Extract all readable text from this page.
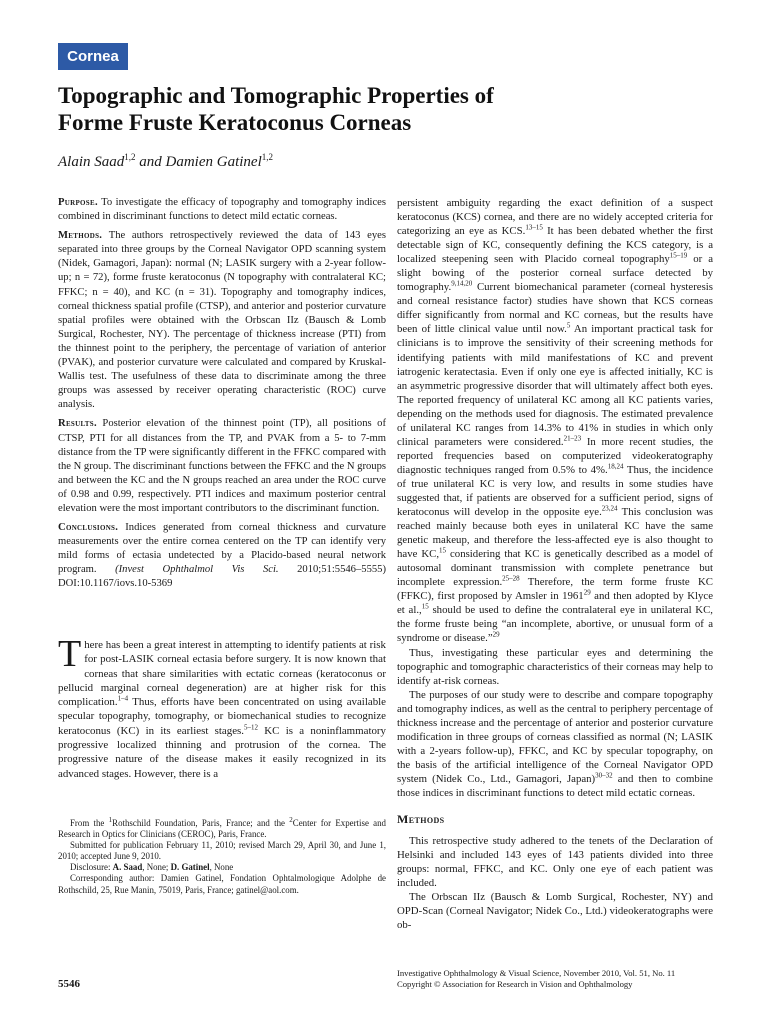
Cornea
Topographic and Tomographic Properties of
Forme Fruste Keratoconus Corneas
Alain Saad$^{1,2}$ and Damien Gatinel$^{1,2}$

Purpose. To investigate the efficacy of topography and tomography indices combined in discriminant functions to detect mild ectatic corneas.

Methods. The authors retrospectively reviewed the data of 143 eyes separated into three groups by the Corneal Navigator OPD scanning system (Nidek, Gamagori, Japan): normal (N; LASIK surgery with a 2-year follow-up; n = 72), forme fruste keratoconus (N topography with contralateral KC; FFKC; n = 40), and KC (n = 31). Topography and tomography indices, corneal thickness spatial profile (CTSP), and anterior and posterior curvature spatial profiles were obtained with the Orbscan IIz (Bausch & Lomb Surgical, Rochester, NY). The percentage of thickness increase (PTI) from the thinnest point to the periphery, the percentage of variation of anterior (PVAK), and posterior curvature were calculated and compared by Kruskal-Wallis test. The usefulness of these data to discriminate among the three groups was assessed by receiver operating characteristic (ROC) curve analysis.

Results. Posterior elevation of the thinnest point (TP), all positions of CTSP, PTI for all distances from the TP, and PVAK from a 5- to 7-mm distance from the TP were significantly different in the FFKC compared with the N group. The discriminant functions between the FFKC and the N groups and between the KC and the N groups reached an area under the ROC curve of 0.98 and 0.99, respectively. PTI indices and maximum posterior central elevation were the most important contributors to the discriminant function.

Conclusions. Indices generated from corneal thickness and curvature measurements over the entire cornea centered on the TP can identify very mild forms of ectasia undetected by a Placido-based neural network program. (Invest Ophthalmol Vis Sci. 2010;51:5546–5555) DOI:10.1167/iovs.10-5369

There has been a great interest in attempting to identify patients at risk for post-LASIK corneal ectasia before surgery. It is now known that corneas that share similarities with ectatic corneas (keratoconus or pellucid marginal corneal degeneration) are at higher risk for this complication.$^{1-4}$ Thus, efforts have been concentrated on using available specular topography, tomography, or biomechanical studies to recognize keratoconus (KC) in its earliest stages.$^{5-12}$ KC is a noninflammatory progressive localized thinning and protrusion of the cornea. The progressive nature of the disease makes it easily recognized in its advanced stages. However, there is a

From the $^1$Rothschild Foundation, Paris, France; and the $^2$Center for Expertise and Research in Optics for Clinicians (CEROC), Paris, France.

Submitted for publication February 11, 2010; revised March 29, April 30, and June 1, 2010; accepted June 9, 2010.

Disclosure: A. Saad, None; D. Gatinel, None

Corresponding author: Damien Gatinel, Fondation Ophtalmologique Adolphe de Rothschild, 25, Rue Manin, 75019, Paris, France; gatinel@aol.com.

5546

persistent ambiguity regarding the exact definition of a suspect keratoconus (KCS) cornea, and there are no widely accepted criteria for categorizing an eye as KCS.$^{13-15}$ It has been debated whether the first detectable sign of KC, consequently defining the KCS category, is a localized steepening seen with Placido corneal topography$^{15-19}$ or a slight bowing of the posterior corneal surface detected by tomography.$^{9,14,20}$ Current biomechanical parameter (corneal hysteresis and corneal resistance factor) studies have shown that KCS corneas differ significantly from normal and KC corneas, but the results have been of little clinical value until now.$^5$ An important practical task for clinicians is to improve the sensitivity of their screening methods for identifying patients with mild manifestations of KC and prevent iatrogenic keratectasia. Even if only one eye is affected initially, KC is an asymmetric progressive disorder that will ultimately affect both eyes. The reported frequency of unilateral KC among all KC patients varies, depending on the methods used for diagnosis. The estimated prevalence of unilateral KC ranges from 14.3% to 41% in studies in which only clinical parameters were considered.$^{21-23}$ In more recent studies, the reported frequencies based on computerized videokeratography diagnostic techniques ranged from 0.5% to 4%.$^{18,24}$ Thus, the incidence of true unilateral KC is very low, and results in some studies have suggested that, if patients are observed for a sufficient period, signs of keratoconus will develop in the opposite eye.$^{23,24}$ This conclusion was reached mainly because both eyes in unilateral KC have the same genetic makeup, and therefore the less-affected eye is also thought to have KC,$^{15}$ considering that KC is genetically described as a model of autosomal dominant transmission with complete penetrance but incomplete expression.$^{25-28}$ Therefore, the term forme fruste KC (FFKC), first proposed by Amsler in 1961$^{29}$ and then adopted by Klyce et al.,$^{15}$ should be used to define the contralateral eye in unilateral KC, the forme fruste being “an incomplete, abortive, or unusual form of a syndrome or disease.”$^{29}$

Thus, investigating these particular eyes and determining the topographic and tomographic characteristics of their corneas may help to identify at-risk corneas.

The purposes of our study were to describe and compare topography and tomography indices, as well as the central to periphery percentage of thickness increase and the percentage of anterior and posterior curvature modification in three groups of corneas classified as normal (N; LASIK with a 2-years follow-up), FFKC, and KC by specular topography, on the basis of the artificial intelligence of the Corneal Navigator OPD system (Nidek Co., Ltd., Gamagori, Japan)$^{30-32}$ and then to combine those indices in discriminant functions to detect mild ectatic corneas.

Methods

This retrospective study adhered to the tenets of the Declaration of Helsinki and included 143 eyes of 143 patients divided into three groups: normal, FFKC, and KC. Only one eye of each patient was included.

The Orbscan IIz (Bausch & Lomb Surgical, Rochester, NY) and OPD-Scan (Corneal Navigator; Nidek Co., Ltd.) videokeratographs were ob-

Investigative Ophthalmology & Visual Science, November 2010, Vol. 51, No. 11
Copyright © Association for Research in Vision and Ophthalmology
